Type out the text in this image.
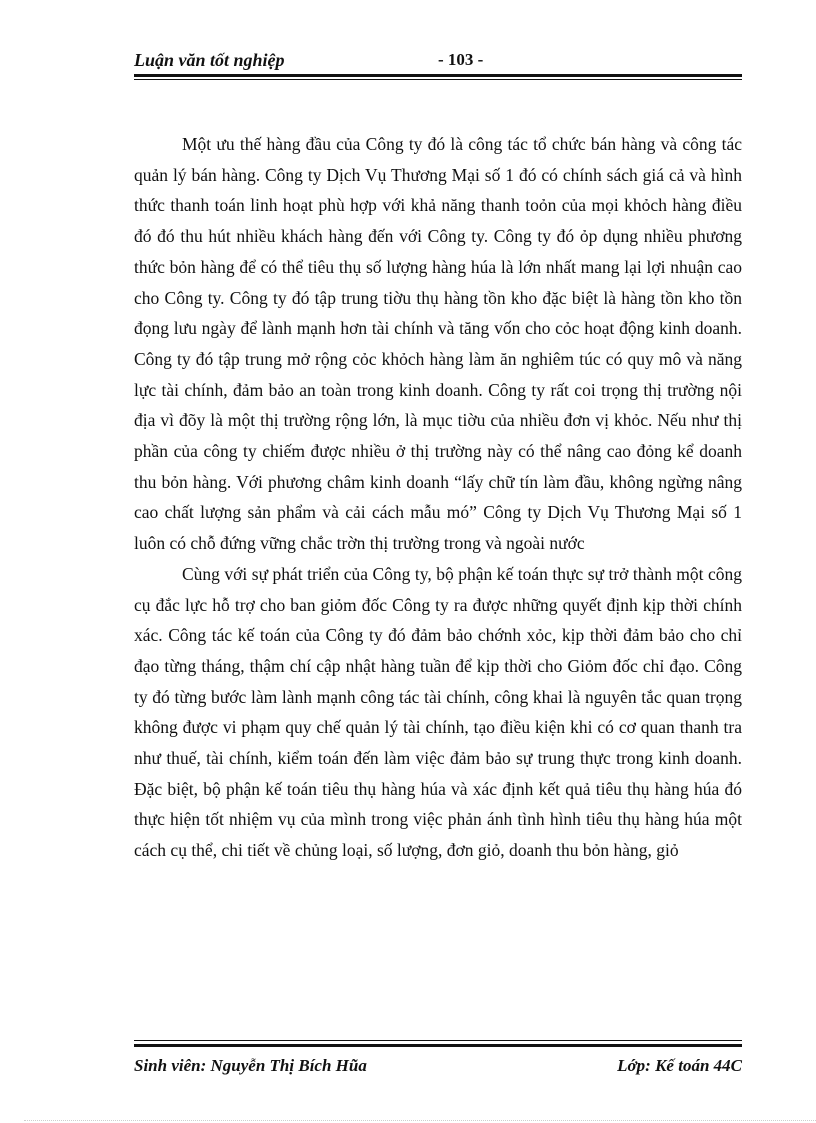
Luận văn tốt nghiệp	- 103 -

Một ưu thế hàng đầu của Công ty đó là công tác tổ chức bán hàng và công tác quản lý bán hàng. Công ty Dịch Vụ Thương Mại số 1 đó có chính sách giá cả và hình thức thanh toán linh hoạt phù hợp với khả năng thanh toỏn của mọi khỏch hàng điều đó đó thu hút nhiều khách hàng đến với Công ty. Công ty đó ỏp dụng nhiều phương thức bỏn hàng để có thể tiêu thụ số lượng hàng húa là lớn nhất mang lại lợi nhuận cao cho Công ty. Công ty đó tập trung tiờu thụ hàng tồn kho đặc biệt là hàng tồn kho tồn đọng lưu ngày để lành mạnh hơn tài chính và tăng vốn cho cỏc hoạt động kinh doanh. Công ty đó tập trung mở rộng cỏc khỏch hàng làm ăn nghiêm túc có quy mô và năng lực tài chính, đảm bảo an toàn trong kinh doanh. Công ty rất coi trọng thị trường nội địa vì đõy là một thị trường rộng lớn, là mục tiờu của nhiều đơn vị khỏc. Nếu như thị phần của công ty chiếm được nhiều ở thị trường này có thể nâng cao đỏng kể doanh thu bỏn hàng. Với phương châm kinh doanh “lấy chữ tín làm đầu, không ngừng nâng cao chất lượng sản phẩm và cải cách mẫu mó” Công ty Dịch Vụ Thương Mại số 1 luôn có chỗ đứng vững chắc trờn thị trường trong và ngoài nước

Cùng với sự phát triển của Công ty, bộ phận kế toán thực sự trở thành một công cụ đắc lực hỗ trợ cho ban giỏm đốc Công ty ra được những quyết định kịp thời chính xác. Công tác kế toán của Công ty đó đảm bảo chớnh xỏc, kịp thời đảm bảo cho chỉ đạo từng tháng, thậm chí cập nhật hàng tuần để kịp thời cho Giỏm đốc chỉ đạo. Công ty đó từng bước làm lành mạnh công tác tài chính, công khai là nguyên tắc quan trọng không được vi phạm quy chế quản lý tài chính, tạo điều kiện khi có cơ quan thanh tra như thuế, tài chính, kiểm toán đến làm việc đảm bảo sự trung thực trong kinh doanh. Đặc biệt, bộ phận kế toán tiêu thụ hàng húa và xác định kết quả tiêu thụ hàng húa đó thực hiện tốt nhiệm vụ của mình trong việc phản ánh tình hình tiêu thụ hàng húa một cách cụ thể, chi tiết về chủng loại, số lượng, đơn giỏ, doanh thu bỏn hàng, giỏ

Sinh viên: Nguyễn Thị Bích Hũa	Lớp: Kế toán 44C
